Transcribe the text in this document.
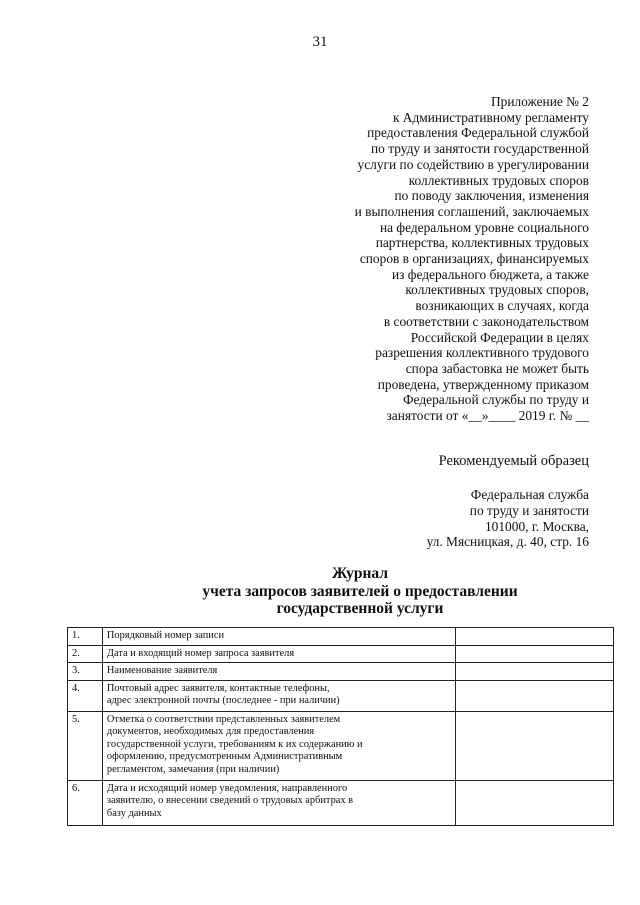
31
Приложение № 2
к Административному регламенту
предоставления Федеральной службой
по труду и занятости государственной
услуги по содействию в урегулировании
коллективных трудовых споров
по поводу заключения, изменения
и выполнения соглашений, заключаемых
на федеральном уровне социального
партнерства, коллективных трудовых
споров в организациях, финансируемых
из федерального бюджета, а также
коллективных трудовых споров,
возникающих в случаях, когда
в соответствии с законодательством
Российской Федерации в целях
разрешения коллективного трудового
спора забастовка не может быть
проведена, утвержденному приказом
Федеральной службы по труду и
занятости от «__»____ 2019 г. № __
Рекомендуемый образец
Федеральная служба
по труду и занятости
101000, г. Москва,
ул. Мясницкая, д. 40, стр. 16
Журнал
учета запросов заявителей о предоставлении
государственной услуги
1.	Порядковый номер записи	
2.	Дата и входящий номер запроса заявителя	
3.	Наименование заявителя	
4.	Почтовый адрес заявителя, контактные телефоны,
адрес электронной почты (последнее - при наличии)	
5.	Отметка о соответствии представленных заявителем
документов, необходимых для предоставления
государственной услуги, требованиям к их содержанию и
оформлению, предусмотренным Административным
регламентом, замечания (при наличии)	
6.	Дата и исходящий номер уведомления, направленного
заявителю, о внесении сведений о трудовых арбитрах в
базу данных	
